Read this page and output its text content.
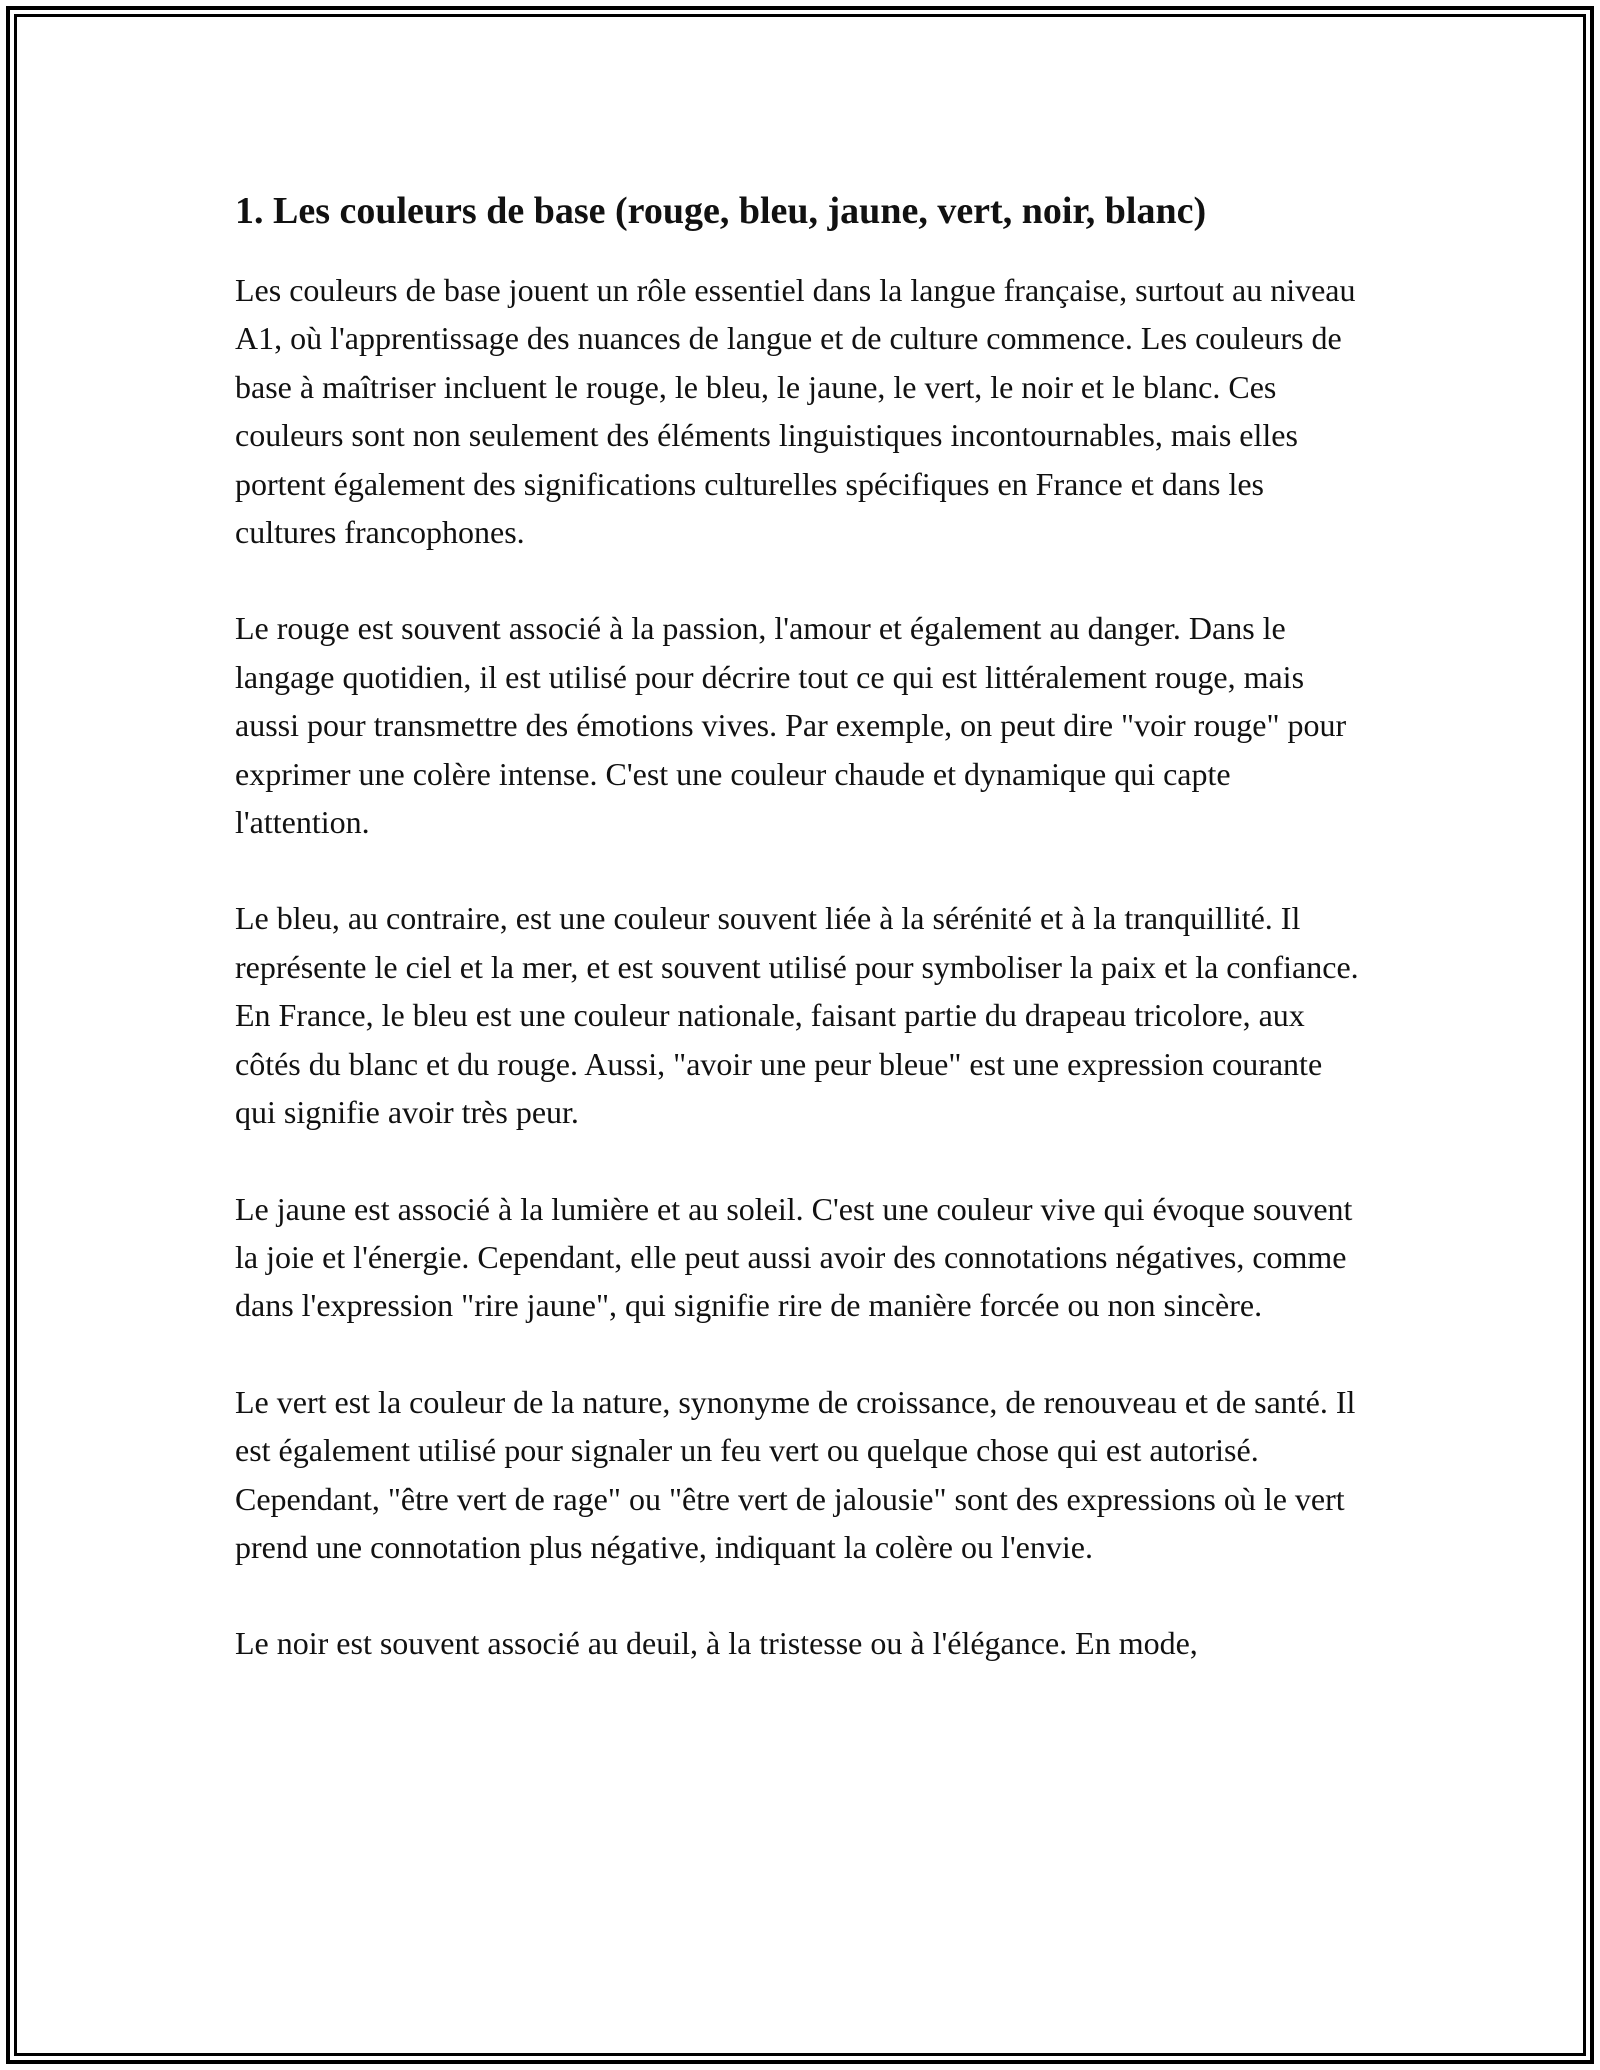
1. Les couleurs de base (rouge, bleu, jaune, vert, noir, blanc)

Les couleurs de base jouent un rôle essentiel dans la langue française, surtout au niveau A1, où l'apprentissage des nuances de langue et de culture commence. Les couleurs de base à maîtriser incluent le rouge, le bleu, le jaune, le vert, le noir et le blanc. Ces couleurs sont non seulement des éléments linguistiques incontournables, mais elles portent également des significations culturelles spécifiques en France et dans les cultures francophones.

Le rouge est souvent associé à la passion, l'amour et également au danger. Dans le langage quotidien, il est utilisé pour décrire tout ce qui est littéralement rouge, mais aussi pour transmettre des émotions vives. Par exemple, on peut dire "voir rouge" pour exprimer une colère intense. C'est une couleur chaude et dynamique qui capte l'attention.

Le bleu, au contraire, est une couleur souvent liée à la sérénité et à la tranquillité. Il représente le ciel et la mer, et est souvent utilisé pour symboliser la paix et la confiance. En France, le bleu est une couleur nationale, faisant partie du drapeau tricolore, aux côtés du blanc et du rouge. Aussi, "avoir une peur bleue" est une expression courante qui signifie avoir très peur.

Le jaune est associé à la lumière et au soleil. C'est une couleur vive qui évoque souvent la joie et l'énergie. Cependant, elle peut aussi avoir des connotations négatives, comme dans l'expression "rire jaune", qui signifie rire de manière forcée ou non sincère.

Le vert est la couleur de la nature, synonyme de croissance, de renouveau et de santé. Il est également utilisé pour signaler un feu vert ou quelque chose qui est autorisé. Cependant, "être vert de rage" ou "être vert de jalousie" sont des expressions où le vert prend une connotation plus négative, indiquant la colère ou l'envie.

Le noir est souvent associé au deuil, à la tristesse ou à l'élégance. En mode,
